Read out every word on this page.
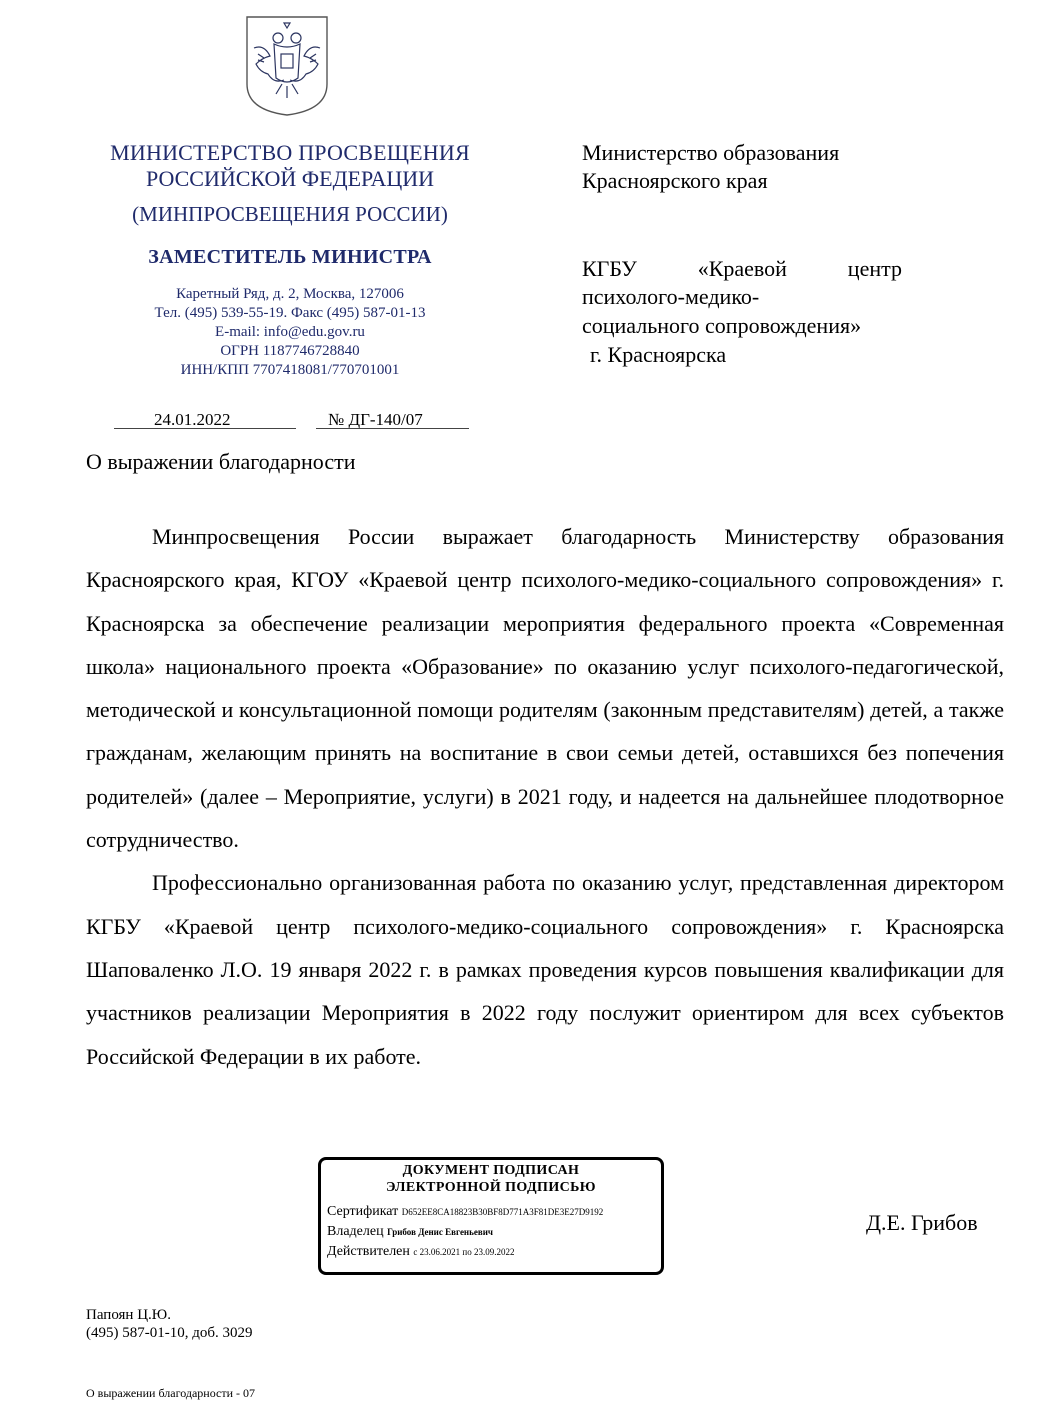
МИНИСТЕРСТВО ПРОСВЕЩЕНИЯ
РОССИЙСКОЙ ФЕДЕРАЦИИ
(МИНПРОСВЕЩЕНИЯ РОССИИ)
ЗАМЕСТИТЕЛЬ МИНИСТРА
Каретный Ряд, д. 2, Москва, 127006
Тел. (495) 539-55-19. Факс (495) 587-01-13
E-mail: info@edu.gov.ru
ОГРН 1187746728840
ИНН/КПП 7707418081/770701001
24.01.2022	№ ДГ-140/07
Министерство образования
Красноярского края
КГБУ	«Краевой	центр
психолого-медико-
социального сопровождения»
г. Красноярска
О выражении благодарности

Минпросвещения России выражает благодарность Министерству образования Красноярского края, КГОУ «Краевой центр психолого-медико-социального сопровождения» г. Красноярска за обеспечение реализации мероприятия федерального проекта «Современная школа» национального проекта «Образование» по оказанию услуг психолого-педагогической, методической и консультационной помощи родителям (законным представителям) детей, а также гражданам, желающим принять на воспитание в свои семьи детей, оставшихся без попечения родителей» (далее – Мероприятие, услуги) в 2021 году, и надеется на дальнейшее плодотворное сотрудничество.

Профессионально организованная работа по оказанию услуг, представленная директором КГБУ «Краевой центр психолого-медико-социального сопровождения» г. Красноярска Шаповаленко Л.О. 19 января 2022 г. в рамках проведения курсов повышения квалификации для участников реализации Мероприятия в 2022 году послужит ориентиром для всех субъектов Российской Федерации в их работе.

ДОКУМЕНТ ПОДПИСАН
ЭЛЕКТРОННОЙ ПОДПИСЬЮ
Сертификат D652EE8CA18823B30BF8D771A3F81DE3E27D9192
Владелец Грибов Денис Евгеньевич
Действителен с 23.06.2021 по 23.09.2022
Д.Е. Грибов
Папоян Ц.Ю.
(495) 587-01-10, доб. 3029
О выражении благодарности - 07
